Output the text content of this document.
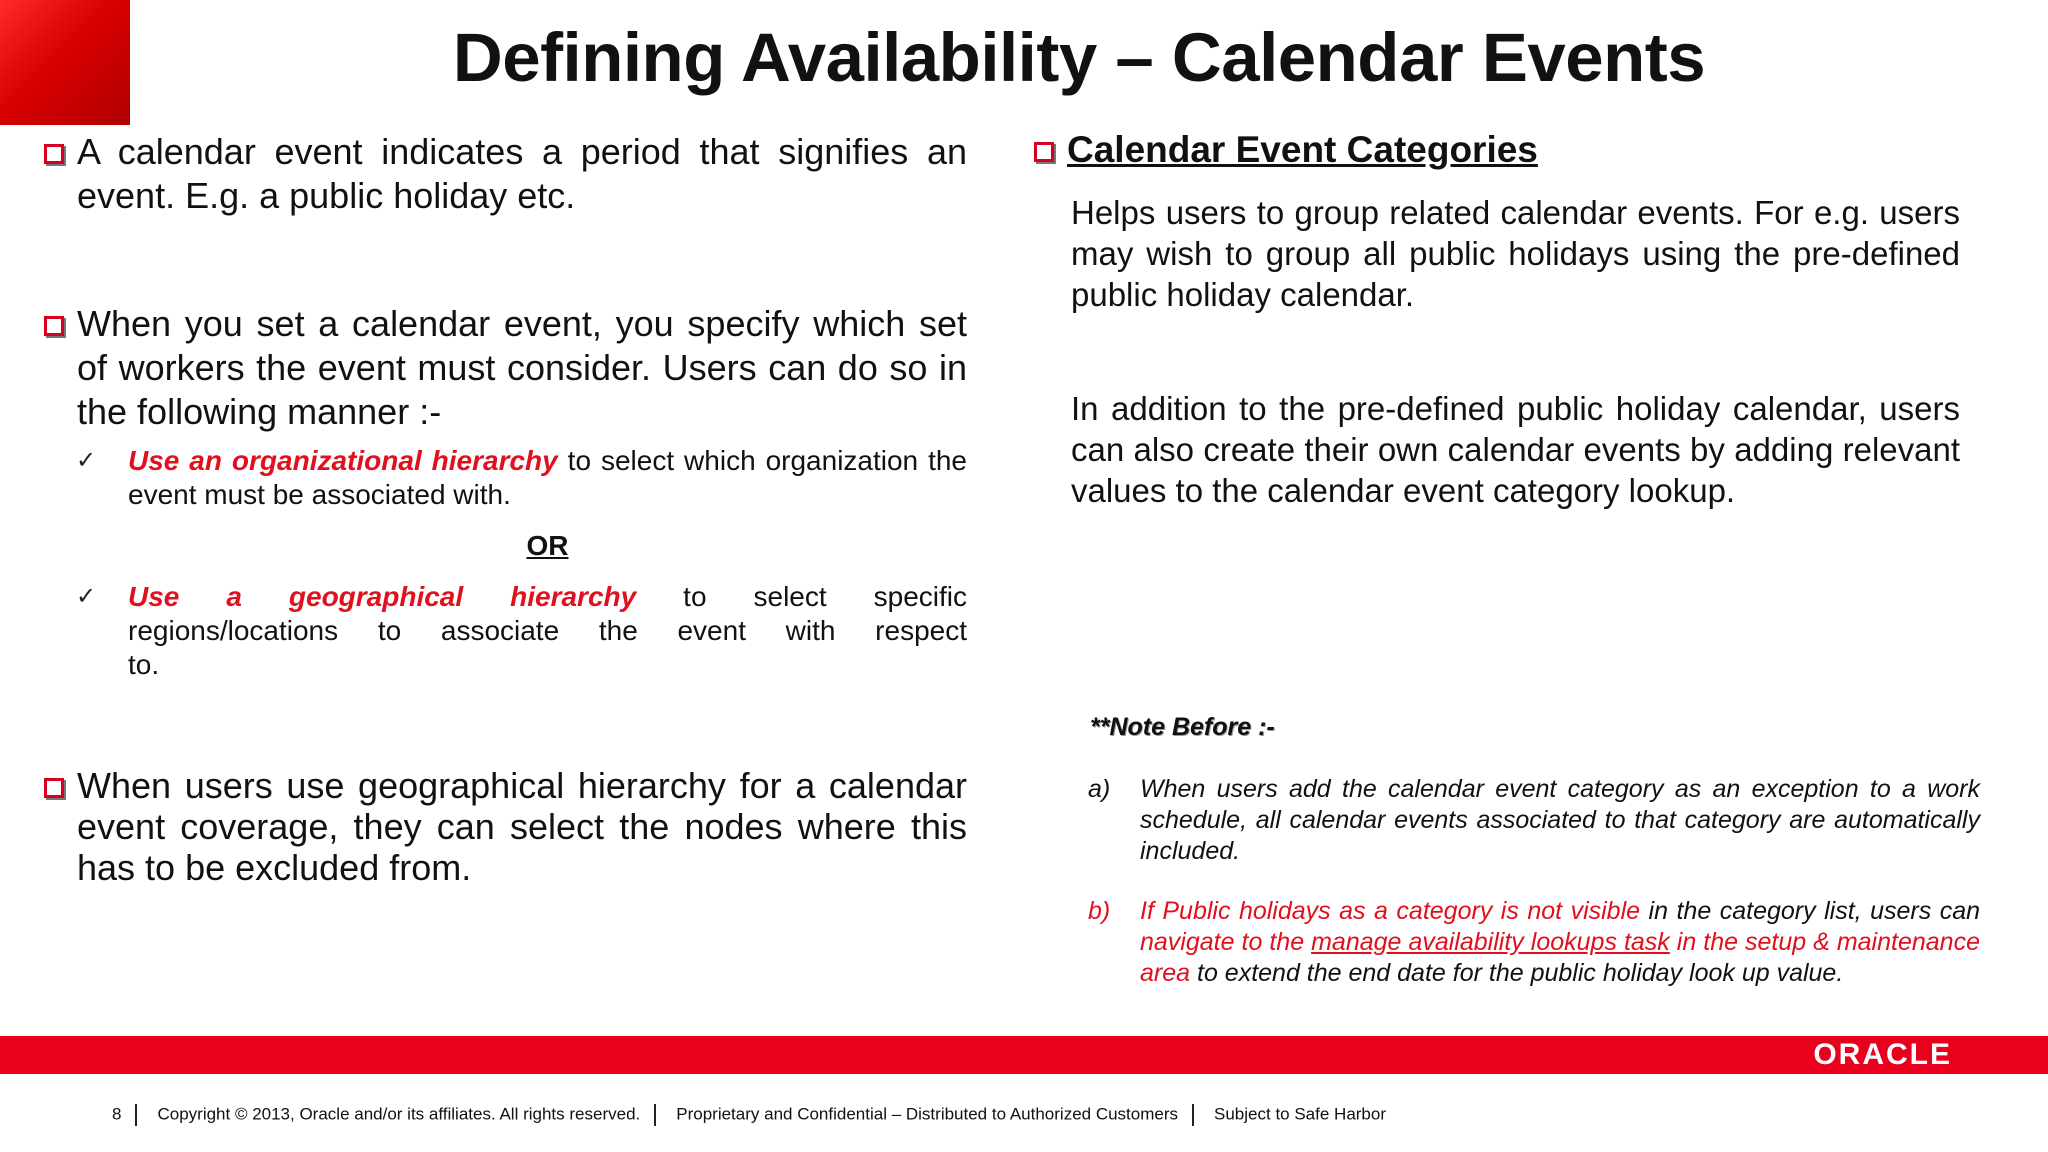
Defining Availability – Calendar Events
A calendar event indicates a period that signifies an event. E.g. a public holiday etc.
When you set a calendar event, you specify which set of workers the event must consider. Users can do so in the following manner :-
✓ Use an organizational hierarchy to select which organization the event must be associated with.
OR
✓ Use a geographical hierarchy to select specific regions/locations to associate the event with respect to.
When users use geographical hierarchy for a calendar event coverage, they can select the nodes where this has to be excluded from.
Calendar Event Categories
Helps users to group related calendar events. For e.g. users may wish to group all public holidays using the pre-defined public holiday calendar.
In addition to the pre-defined public holiday calendar, users can also create their own calendar events by adding relevant values to the calendar event category lookup.
**Note Before :-
a) When users add the calendar event category as an exception to a work schedule, all calendar events associated to that category are automatically included.
b) If Public holidays as a category is not visible in the category list, users can navigate to the manage availability lookups task in the setup & maintenance area to extend the end date for the public holiday look up value.
ORACLE
8 Copyright © 2013, Oracle and/or its affiliates. All rights reserved. Proprietary and Confidential – Distributed to Authorized Customers Subject to Safe Harbor
